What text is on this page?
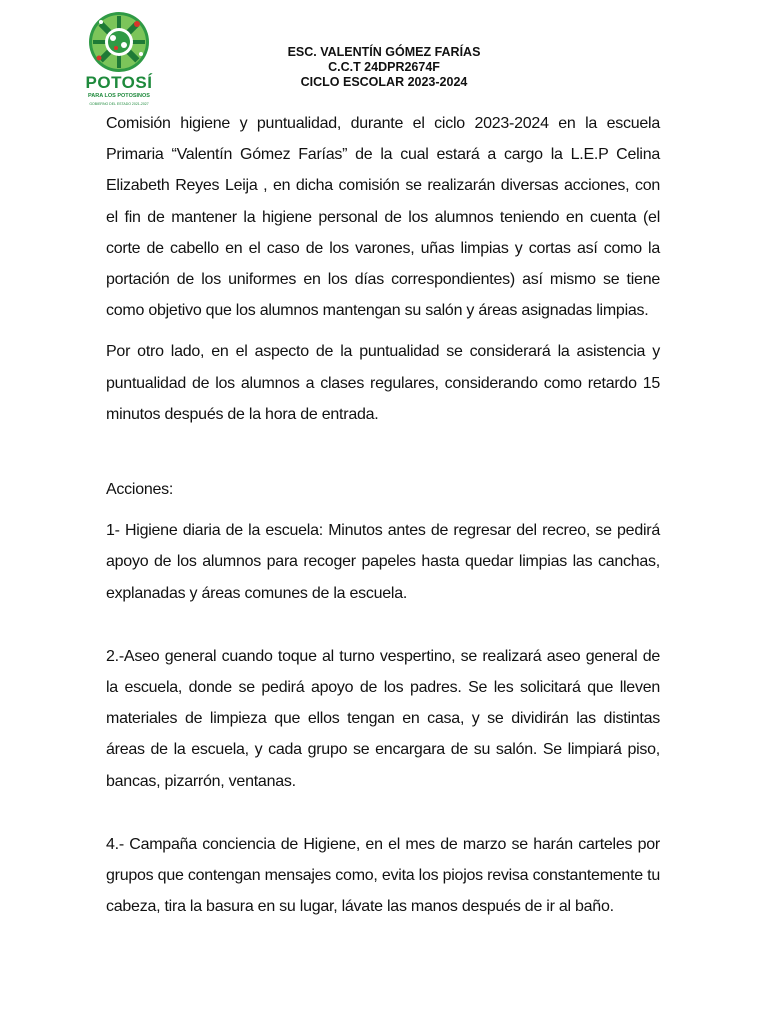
POTOSÍ
PARA LOS POTOSINOS
GOBIERNO DEL ESTADO 2021-2027
ESC. VALENTÍN GÓMEZ FARÍAS
C.C.T 24DPR2674F
CICLO ESCOLAR 2023-2024

Comisión higiene y puntualidad, durante el ciclo 2023-2024 en la escuela Primaria “Valentín Gómez Farías” de la cual estará a cargo la L.E.P Celina Elizabeth Reyes Leija , en dicha comisión se realizarán diversas acciones, con el fin de mantener la higiene personal de los alumnos teniendo en cuenta (el corte de cabello en el caso de los varones, uñas limpias y cortas así como la portación de los uniformes en los días correspondientes) así mismo se tiene como objetivo que los alumnos mantengan su salón y áreas asignadas limpias.

Por otro lado, en el aspecto de la puntualidad se considerará la asistencia y puntualidad de los alumnos a clases regulares, considerando como retardo 15 minutos después de la hora de entrada.

Acciones:

1- Higiene diaria de la escuela: Minutos antes de regresar del recreo, se pedirá apoyo de los alumnos para recoger papeles hasta quedar limpias las canchas, explanadas y áreas comunes de la escuela.

2.-Aseo general cuando toque al turno vespertino, se realizará aseo general de la escuela, donde se pedirá apoyo de los padres. Se les solicitará que lleven materiales de limpieza que ellos tengan en casa, y se dividirán las distintas áreas de la escuela, y cada grupo se encargara de su salón. Se limpiará piso, bancas, pizarrón, ventanas.

4.- Campaña conciencia de Higiene, en el mes de marzo se harán carteles por grupos que contengan mensajes como, evita los piojos revisa constantemente tu cabeza, tira la basura en su lugar, lávate las manos después de ir al baño.
